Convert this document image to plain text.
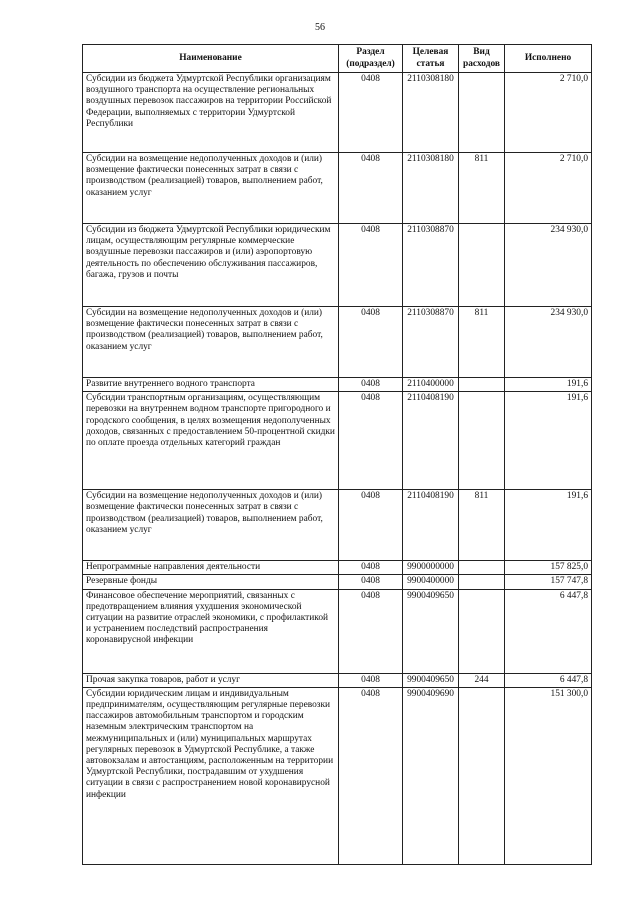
56
Наименование	Раздел (подраздел)	Целевая статья	Вид расходов	Исполнено
Субсидии из бюджета Удмуртской Республики организациям воздушного транспорта на осуществление региональных воздушных перевозок пассажиров на территории Российской Федерации, выполняемых с территории Удмуртской Республики	0408	2110308180		2 710,0
Субсидии на возмещение недополученных доходов и (или) возмещение фактически понесенных затрат в связи с производством (реализацией) товаров, выполнением работ, оказанием услуг	0408	2110308180	811	2 710,0
Субсидии из бюджета Удмуртской Республики юридическим лицам, осуществляющим регулярные коммерческие воздушные перевозки пассажиров и (или) аэропортовую деятельность по обеспечению обслуживания пассажиров, багажа, грузов и почты	0408	2110308870		234 930,0
Субсидии на возмещение недополученных доходов и (или) возмещение фактически понесенных затрат в связи с производством (реализацией) товаров, выполнением работ, оказанием услуг	0408	2110308870	811	234 930,0
Развитие внутреннего водного транспорта	0408	2110400000		191,6
Субсидии транспортным организациям, осуществляющим перевозки на внутреннем водном транспорте пригородного и городского сообщения, в целях возмещения недополученных доходов, связанных с предоставлением 50-процентной скидки по оплате проезда отдельных категорий граждан	0408	2110408190		191,6
Субсидии на возмещение недополученных доходов и (или) возмещение фактически понесенных затрат в связи с производством (реализацией) товаров, выполнением работ, оказанием услуг	0408	2110408190	811	191,6
Непрограммные направления деятельности	0408	9900000000		157 825,0
Резервные фонды	0408	9900400000		157 747,8
Финансовое обеспечение мероприятий, связанных с предотвращением влияния ухудшения экономической ситуации на развитие отраслей экономики, с профилактикой и устранением последствий распространения коронавирусной инфекции	0408	9900409650		6 447,8
Прочая закупка товаров, работ и услуг	0408	9900409650	244	6 447,8
Субсидии юридическим лицам и индивидуальным предпринимателям, осуществляющим регулярные перевозки пассажиров автомобильным транспортом и городским наземным электрическим транспортом на межмуниципальных и (или) муниципальных маршрутах регулярных перевозок в Удмуртской Республике, а также автовокзалам и автостанциям, расположенным на территории Удмуртской Республики, пострадавшим от ухудшения ситуации в связи с распространением новой коронавирусной инфекции	0408	9900409690		151 300,0
